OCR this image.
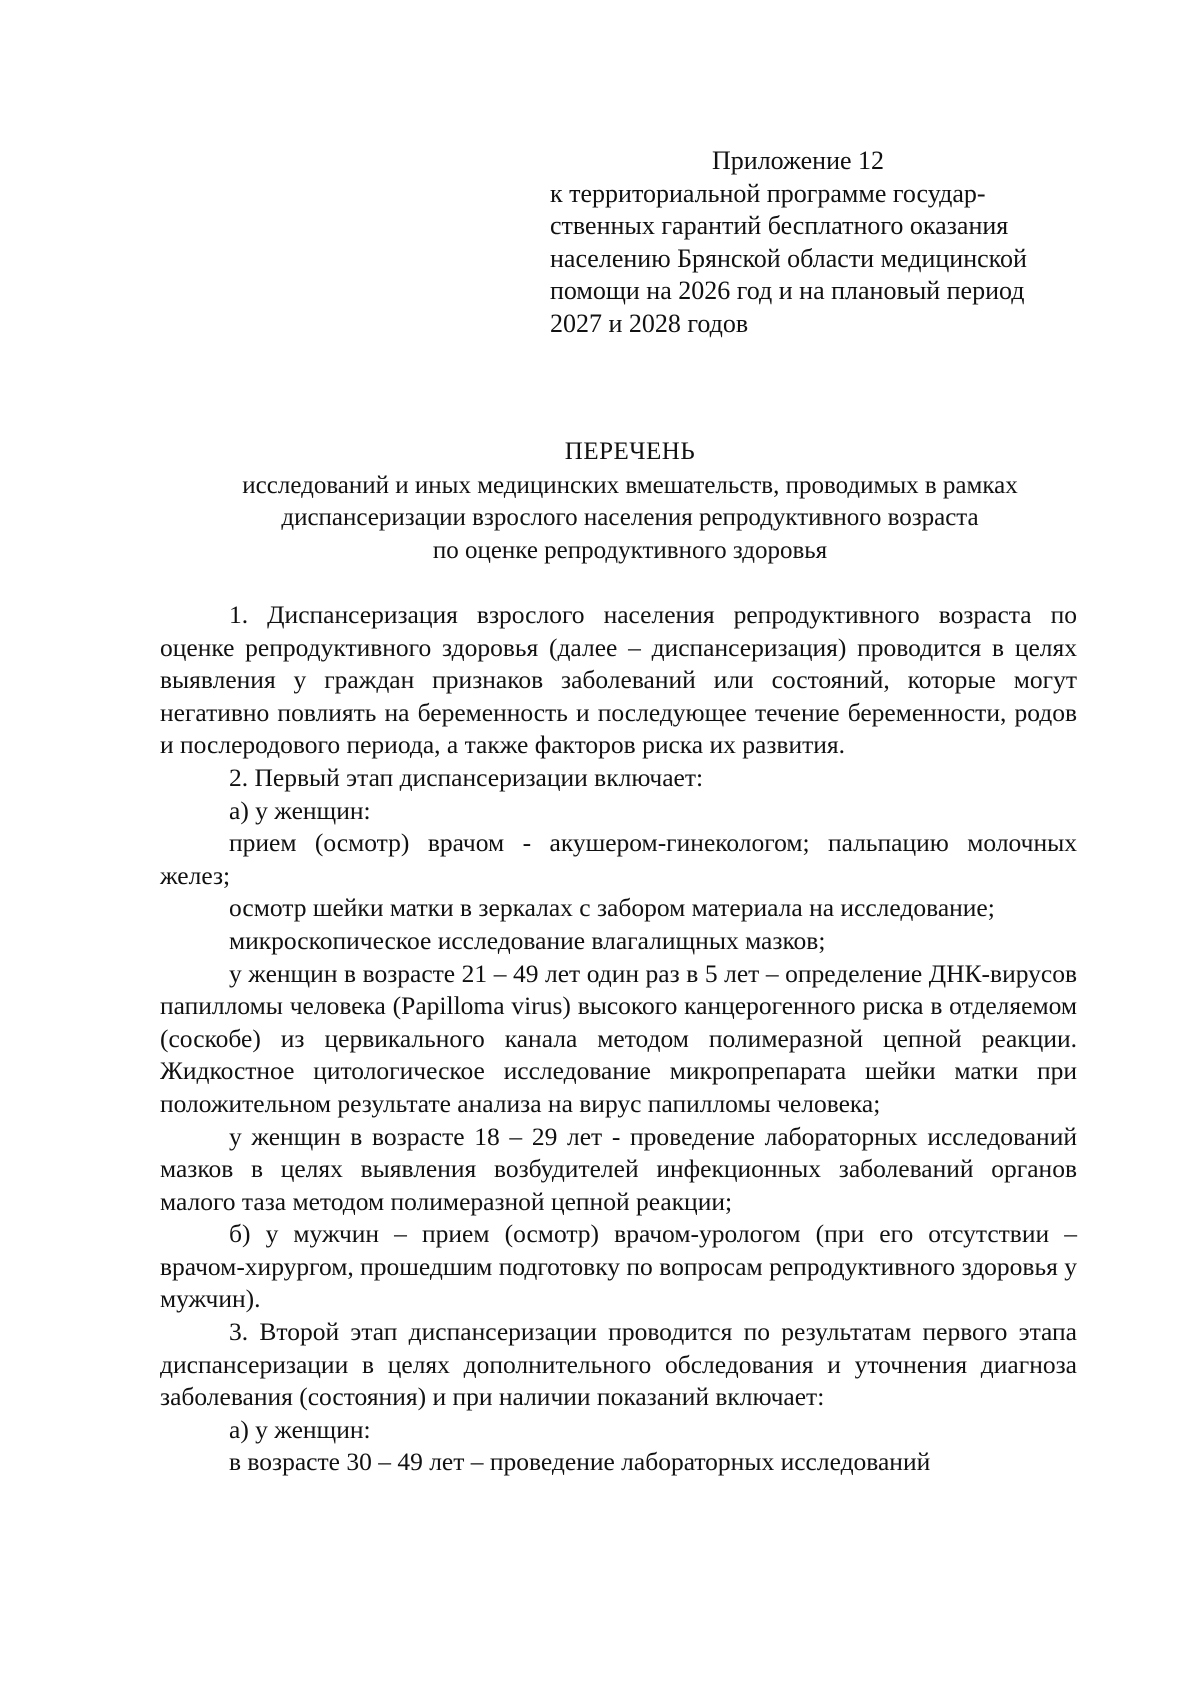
Приложение 12
к территориальной программе государ-
ственных гарантий бесплатного оказания
населению Брянской области медицинской
помощи на 2026 год и на плановый период
2027 и 2028 годов
ПЕРЕЧЕНЬ
исследований и иных медицинских вмешательств, проводимых в рамках
диспансеризации взрослого населения репродуктивного возраста
по оценке репродуктивного здоровья

1. Диспансеризация взрослого населения репродуктивного возраста по оценке репродуктивного здоровья (далее – диспансеризация) проводится в целях выявления у граждан признаков заболеваний или состояний, которые могут негативно повлиять на беременность и последующее течение беременности, родов и послеродового периода, а также факторов риска их развития.

2. Первый этап диспансеризации включает:

а) у женщин:

прием (осмотр) врачом - акушером-гинекологом; пальпацию молочных желез;

осмотр шейки матки в зеркалах с забором материала на исследование;

микроскопическое исследование влагалищных мазков;

у женщин в возрасте 21 – 49 лет один раз в 5 лет – определение ДНК-вирусов папилломы человека (Papilloma virus) высокого канцерогенного риска в отделяемом (соскобе) из цервикального канала методом полимеразной цепной реакции. Жидкостное цитологическое исследование микропрепарата шейки матки при положительном результате анализа на вирус папилломы человека;

у женщин в возрасте 18 – 29 лет - проведение лабораторных исследований мазков в целях выявления возбудителей инфекционных заболеваний органов малого таза методом полимеразной цепной реакции;

б) у мужчин – прием (осмотр) врачом-урологом (при его отсутствии – врачом-хирургом, прошедшим подготовку по вопросам репродуктивного здоровья у мужчин).

3. Второй этап диспансеризации проводится по результатам первого этапа диспансеризации в целях дополнительного обследования и уточнения диагноза заболевания (состояния) и при наличии показаний включает:

а) у женщин:

в возрасте 30 – 49 лет – проведение лабораторных исследований
